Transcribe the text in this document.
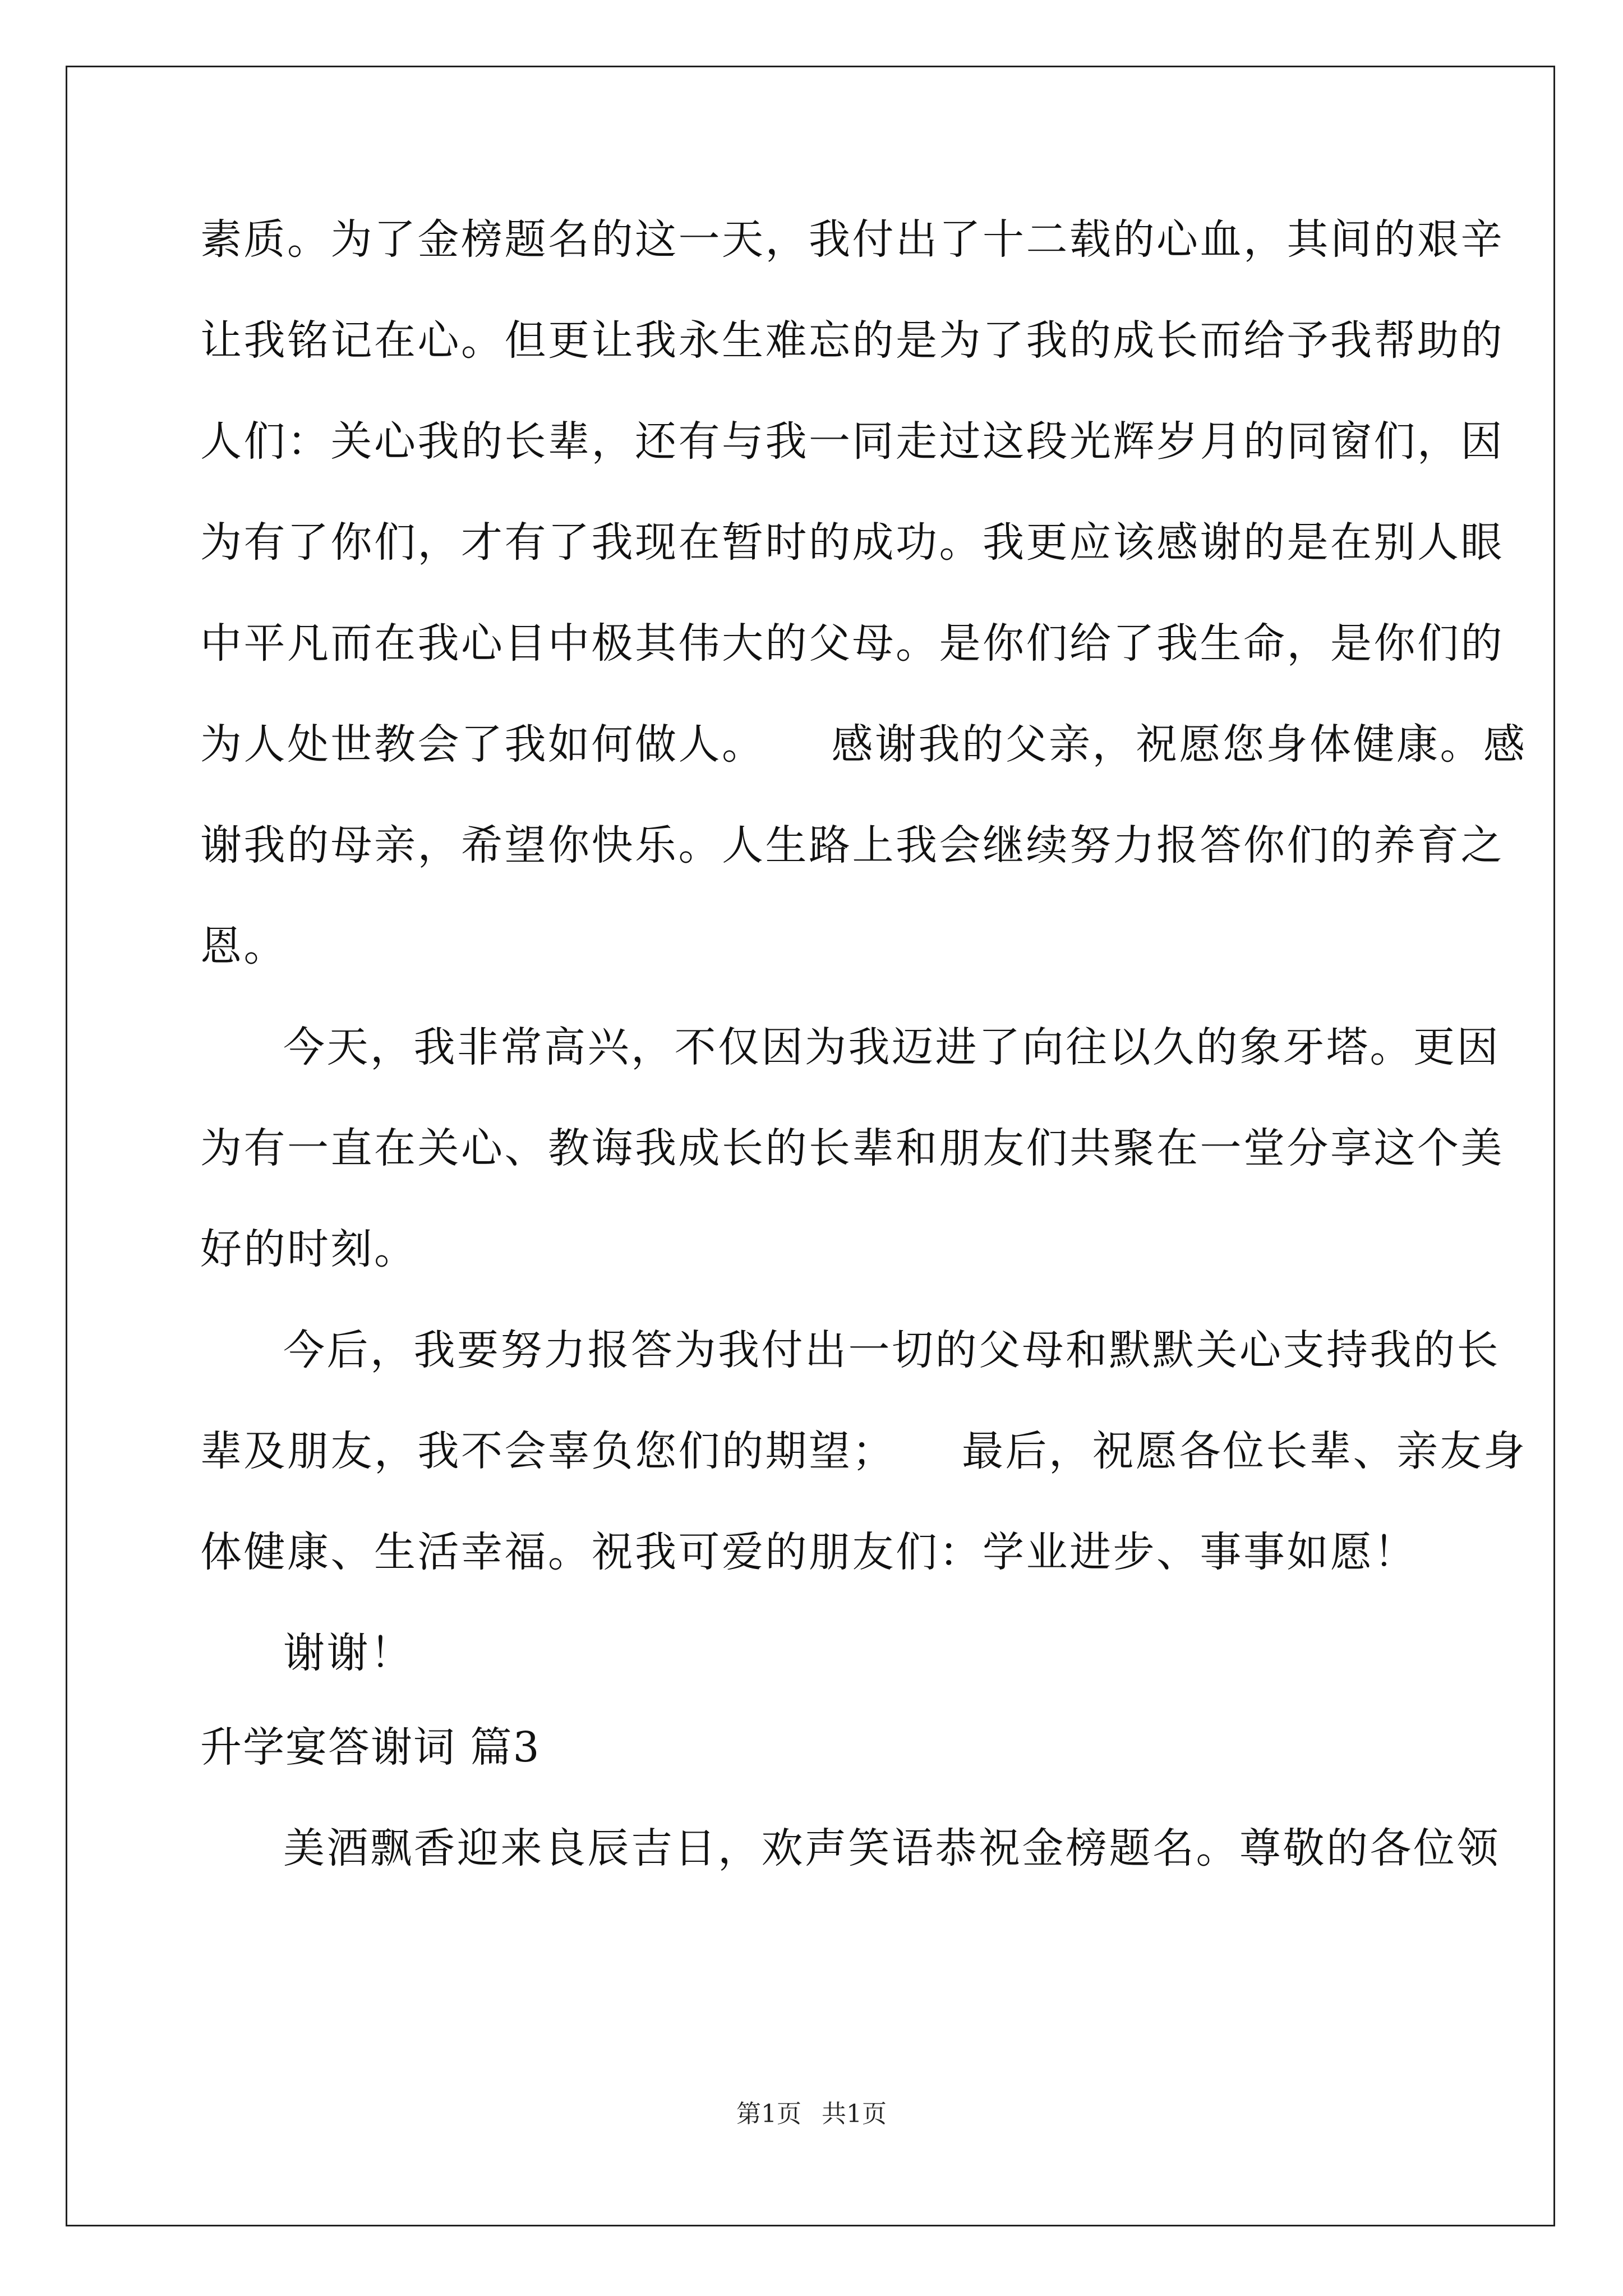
素质。为了金榜题名的这一天，我付出了十二载的心血，其间的艰辛
让我铭记在心。但更让我永生难忘的是为了我的成长而给予我帮助的
人们：关心我的长辈，还有与我一同走过这段光辉岁月的同窗们，因
为有了你们，才有了我现在暂时的成功。我更应该感谢的是在别人眼
中平凡而在我心目中极其伟大的父母。是你们给了我生命，是你们的
为人处世教会了我如何做人。　　感谢我的父亲，祝愿您身体健康。感
谢我的母亲，希望你快乐。人生路上我会继续努力报答你们的养育之
恩。
今天，我非常高兴，不仅因为我迈进了向往以久的象牙塔。更因
为有一直在关心、教诲我成长的长辈和朋友们共聚在一堂分享这个美
好的时刻。
今后，我要努力报答为我付出一切的父母和默默关心支持我的长
辈及朋友，我不会辜负您们的期望；　　最后，祝愿各位长辈、亲友身
体健康、生活幸福。祝我可爱的朋友们：学业进步、事事如愿！
谢谢！
升学宴答谢词 篇3
美酒飘香迎来良辰吉日，欢声笑语恭祝金榜题名。尊敬的各位领
第1页 共1页
